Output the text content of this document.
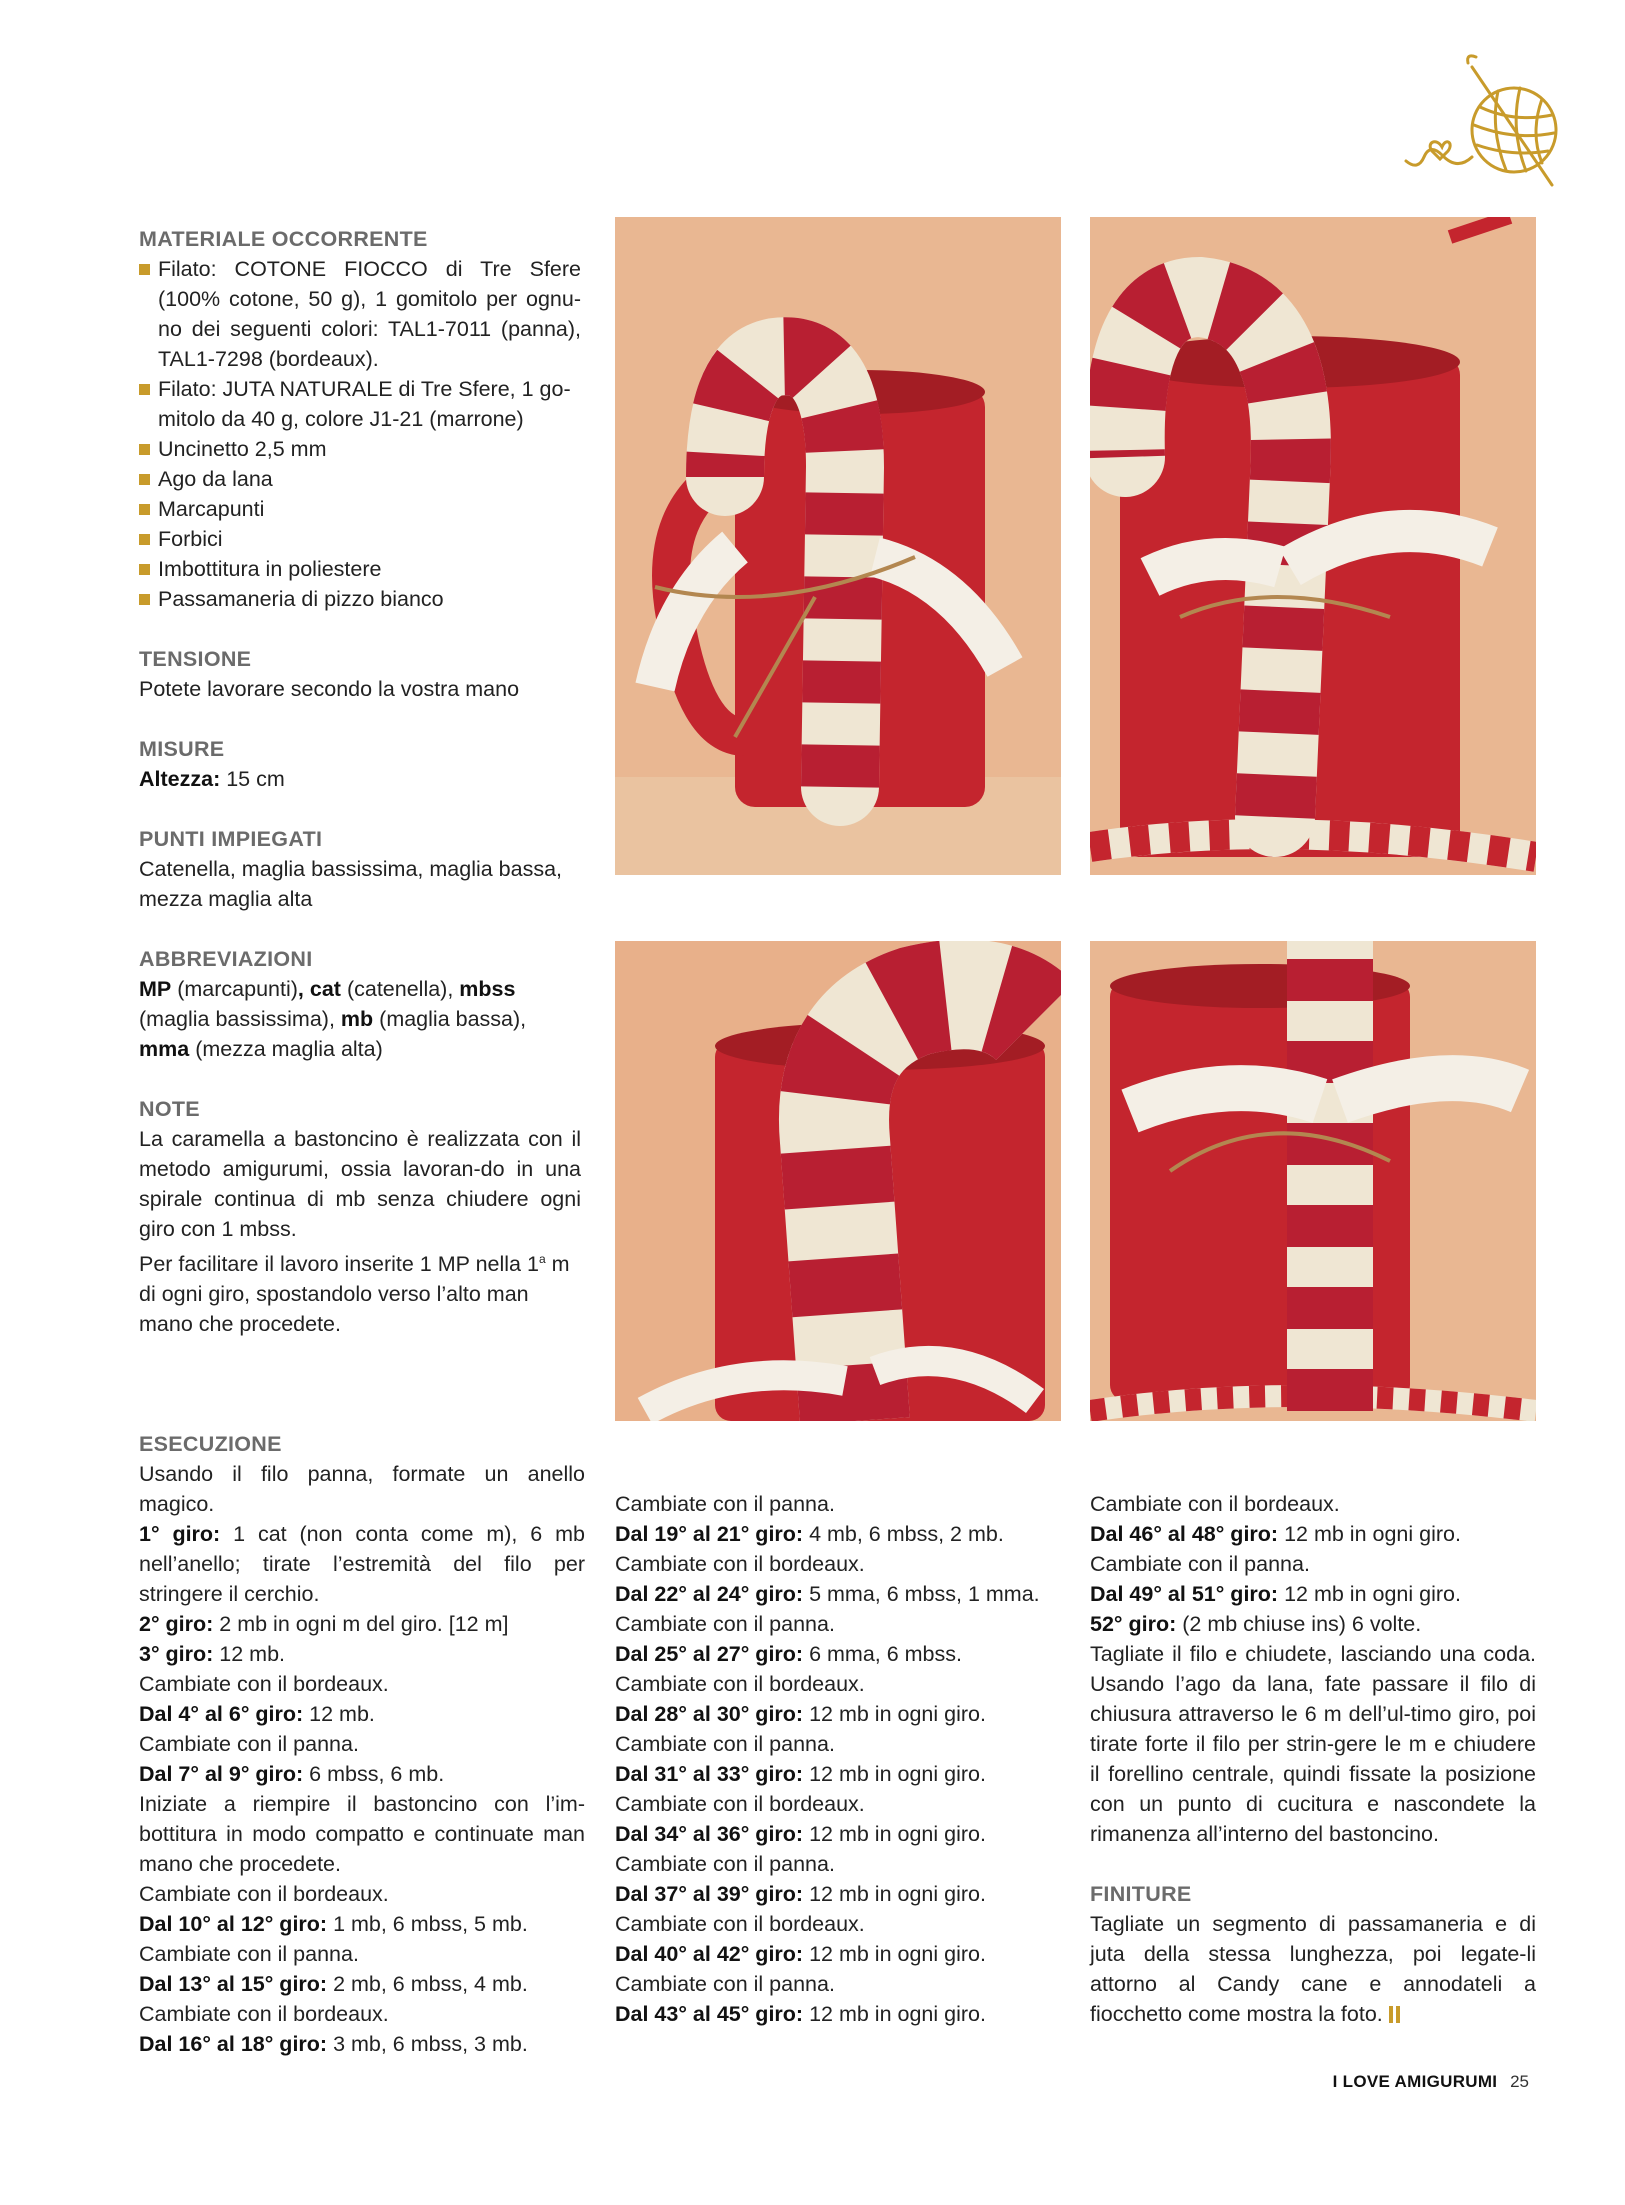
MATERIALE OCCORRENTE

Filato: COTONE FIOCCO di Tre Sfere (100% cotone, 50 g), 1 gomitolo per ognu-no dei seguenti colori: TAL1-7011 (panna), TAL1-7298 (bordeaux).
Filato: JUTA NATURALE di Tre Sfere, 1 go-mitolo da 40 g, colore J1-21 (marrone)
Uncinetto 2,5 mm
Ago da lana
Marcapunti
Forbici
Imbottitura in poliestere
Passamaneria di pizzo bianco

TENSIONE

Potete lavorare secondo la vostra mano

MISURE

Altezza: 15 cm

PUNTI IMPIEGATI

Catenella, maglia bassissima, maglia bassa, mezza maglia alta

ABBREVIAZIONI

MP (marcapunti), cat (catenella), mbss (maglia bassissima), mb (maglia bassa), mma (mezza maglia alta)

NOTE

La caramella a bastoncino è realizzata con il metodo amigurumi, ossia lavoran-do in una spirale continua di mb senza chiudere ogni giro con 1 mbss.

Per facilitare il lavoro inserite 1 MP nella 1$^a$ m di ogni giro, spostandolo verso l’alto man mano che procedete.

ESECUZIONE

Usando il filo panna, formate un anello magico.

1° giro: 1 cat (non conta come m), 6 mb nell’anello; tirate l’estremità del filo per stringere il cerchio.

2° giro: 2 mb in ogni m del giro. [12 m]

3° giro: 12 mb.

Cambiate con il bordeaux.

Dal 4° al 6° giro: 12 mb.

Cambiate con il panna.

Dal 7° al 9° giro: 6 mbss, 6 mb.

Iniziate a riempire il bastoncino con l’im-bottitura in modo compatto e continuate man mano che procedete.

Cambiate con il bordeaux.

Dal 10° al 12° giro: 1 mb, 6 mbss, 5 mb.

Cambiate con il panna.

Dal 13° al 15° giro: 2 mb, 6 mbss, 4 mb.

Cambiate con il bordeaux.

Dal 16° al 18° giro: 3 mb, 6 mbss, 3 mb.

Cambiate con il panna.

Dal 19° al 21° giro: 4 mb, 6 mbss, 2 mb.

Cambiate con il bordeaux.

Dal 22° al 24° giro: 5 mma, 6 mbss, 1 mma.

Cambiate con il panna.

Dal 25° al 27° giro: 6 mma, 6 mbss.

Cambiate con il bordeaux.

Dal 28° al 30° giro: 12 mb in ogni giro.

Cambiate con il panna.

Dal 31° al 33° giro: 12 mb in ogni giro.

Cambiate con il bordeaux.

Dal 34° al 36° giro: 12 mb in ogni giro.

Cambiate con il panna.

Dal 37° al 39° giro: 12 mb in ogni giro.

Cambiate con il bordeaux.

Dal 40° al 42° giro: 12 mb in ogni giro.

Cambiate con il panna.

Dal 43° al 45° giro: 12 mb in ogni giro.

Cambiate con il bordeaux.

Dal 46° al 48° giro: 12 mb in ogni giro.

Cambiate con il panna.

Dal 49° al 51° giro: 12 mb in ogni giro.

52° giro: (2 mb chiuse ins) 6 volte.

Tagliate il filo e chiudete, lasciando una coda. Usando l’ago da lana, fate passare il filo di chiusura attraverso le 6 m dell’ul-timo giro, poi tirate forte il filo per strin-gere le m e chiudere il forellino centrale, quindi fissate la posizione con un punto di cucitura e nascondete la rimanenza all’interno del bastoncino.

FINITURE

Tagliate un segmento di passamaneria e di juta della stessa lunghezza, poi legate-li attorno al Candy cane e annodateli a fiocchetto come mostra la foto.

I LOVE AMIGURUMI 25
